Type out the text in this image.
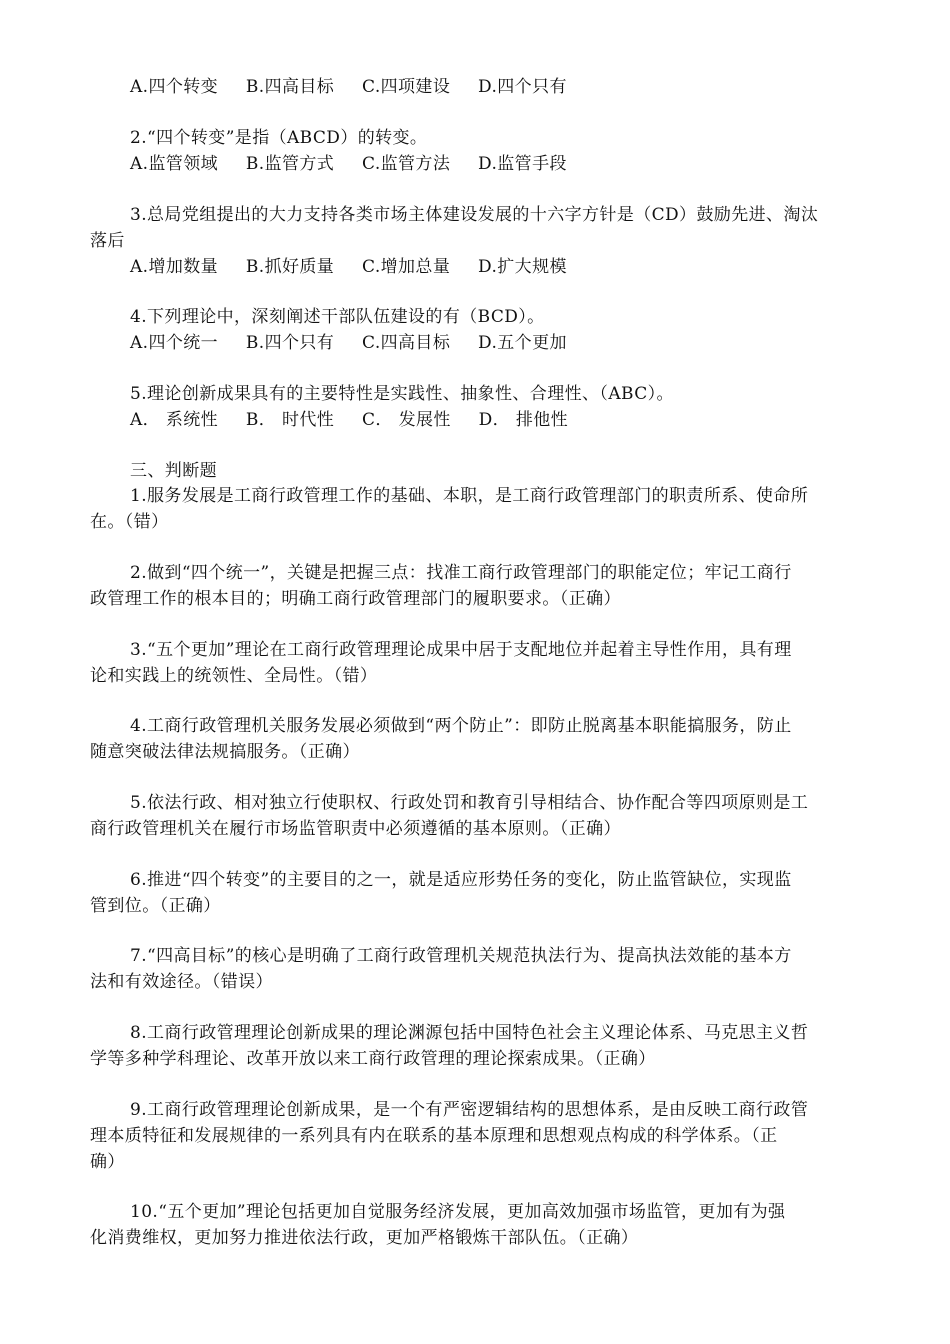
A.四个转变 B.四高目标 C.四项建设 D.四个只有
2.“四个转变”是指（ABCD）的转变。
A.监管领域 B.监管方式 C.监管方法 D.监管手段
3.总局党组提出的大力支持各类市场主体建设发展的十六字方针是（CD）鼓励先进、淘汰
落后
A.增加数量 B.抓好质量 C.增加总量 D.扩大规模
4.下列理论中，深刻阐述干部队伍建设的有（BCD）。
A.四个统一 B.四个只有 C.四高目标 D.五个更加
5.理论创新成果具有的主要特性是实践性、抽象性、合理性、（ABC）。
A． 系统性 B． 时代性 C． 发展性 D． 排他性
三、判断题
1.服务发展是工商行政管理工作的基础、本职，是工商行政管理部门的职责所系、使命所
在。（错）
2.做到“四个统一”，关键是把握三点：找准工商行政管理部门的职能定位；牢记工商行
政管理工作的根本目的；明确工商行政管理部门的履职要求。（正确）
3.“五个更加”理论在工商行政管理理论成果中居于支配地位并起着主导性作用，具有理
论和实践上的统领性、全局性。（错）
4.工商行政管理机关服务发展必须做到“两个防止”：即防止脱离基本职能搞服务，防止
随意突破法律法规搞服务。（正确）
5.依法行政、相对独立行使职权、行政处罚和教育引导相结合、协作配合等四项原则是工
商行政管理机关在履行市场监管职责中必须遵循的基本原则。（正确）
6.推进“四个转变”的主要目的之一，就是适应形势任务的变化，防止监管缺位，实现监
管到位。（正确）
7.“四高目标”的核心是明确了工商行政管理机关规范执法行为、提高执法效能的基本方
法和有效途径。（错误）
8.工商行政管理理论创新成果的理论渊源包括中国特色社会主义理论体系、马克思主义哲
学等多种学科理论、改革开放以来工商行政管理的理论探索成果。（正确）
9.工商行政管理理论创新成果，是一个有严密逻辑结构的思想体系，是由反映工商行政管
理本质特征和发展规律的一系列具有内在联系的基本原理和思想观点构成的科学体系。（正
确）
10.“五个更加”理论包括更加自觉服务经济发展，更加高效加强市场监管，更加有为强
化消费维权，更加努力推进依法行政，更加严格锻炼干部队伍。（正确）
